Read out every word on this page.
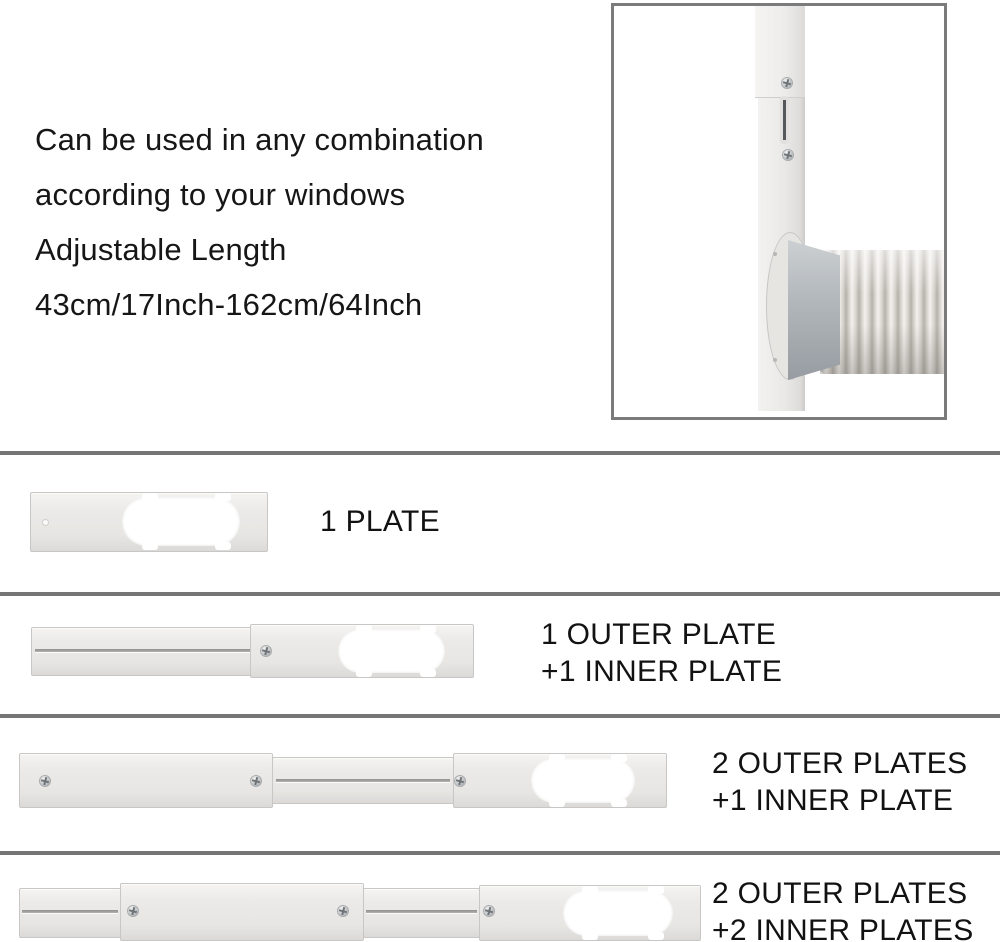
Can be used in any combination
according to your windows
Adjustable Length
43cm/17Inch-162cm/64Inch
1 PLATE
1 OUTER PLATE
+1 INNER PLATE
2 OUTER PLATES
+1 INNER PLATE
2 OUTER PLATES
+2 INNER PLATES
